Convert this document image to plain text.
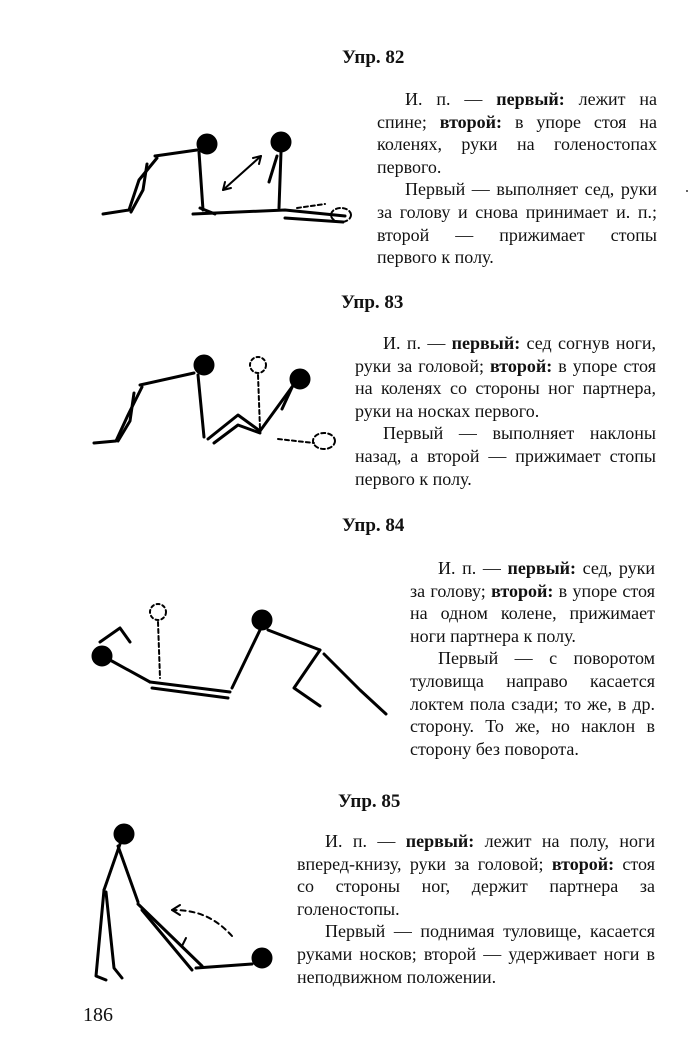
Упр. 82

И. п. — первый: лежит на спине; второй: в упоре стоя на коленях, руки на голеностопах первого.

Первый — выполняет сед, руки за голову и снова принимает и. п.; второй — прижимает стопы первого к полу.

Упр. 83

И. п. — первый: сед согнув ноги, руки за головой; второй: в упоре стоя на коленях со стороны ног партнера, руки на носках первого.

Первый — выполняет наклоны назад, а второй — прижимает стопы первого к полу.

Упр. 84

И. п. — первый: сед, руки за голову; второй: в упоре стоя на одном колене, прижимает ноги партнера к полу.

Первый — с поворотом туловища направо касается локтем пола сзади; то же, в др. сторону. То же, но наклон в сторону без поворота.

Упр. 85

И. п. — первый: лежит на полу, ноги вперед-книзу, руки за головой; второй: стоя со стороны ног, держит партнера за голеностопы.

Первый — поднимая туловище, касается руками носков; второй — удерживает ноги в неподвижном положении.

186
